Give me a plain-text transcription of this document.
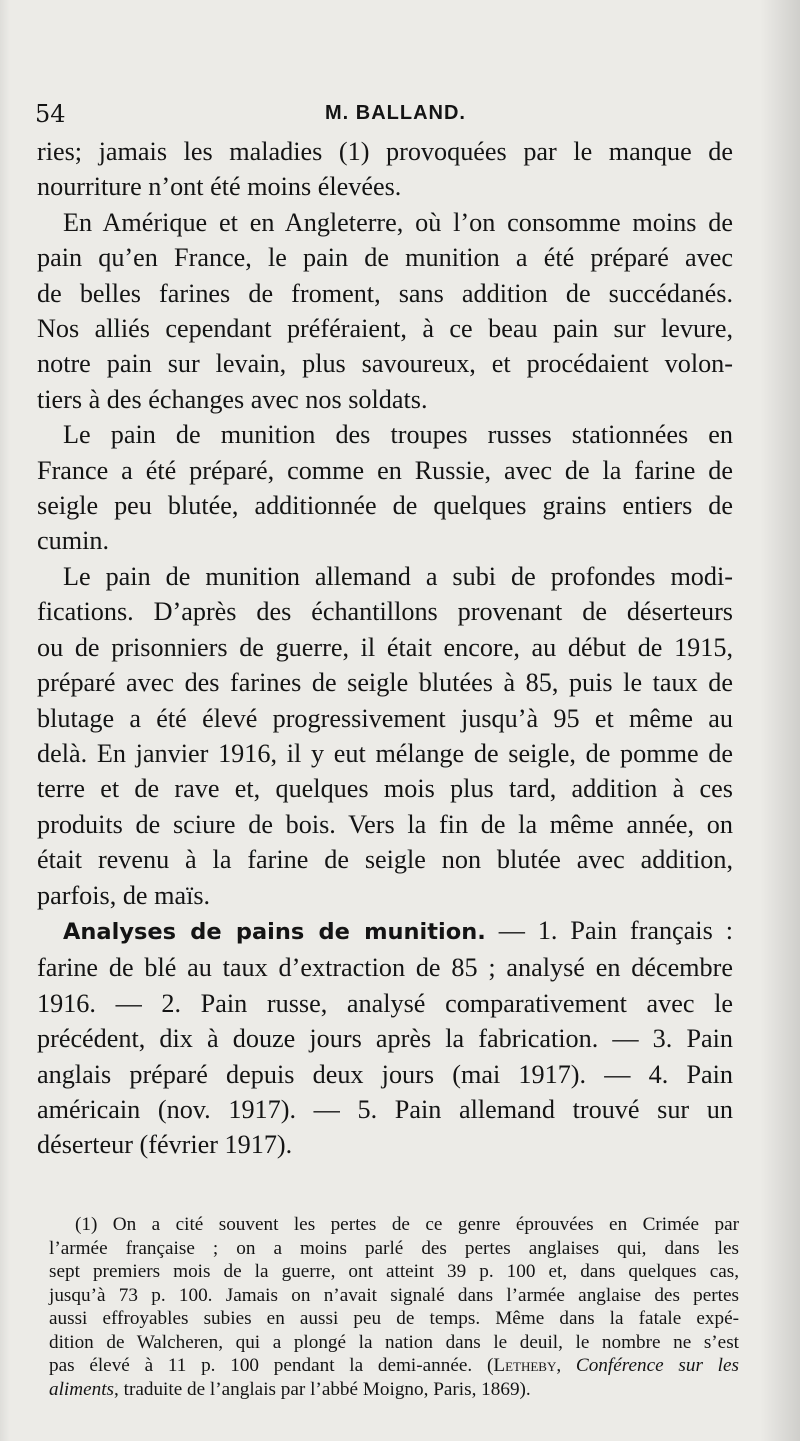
54	M. BALLAND.
ries; jamais les maladies (1) provoquées par le manque de
nourriture n’ont été moins élevées.
En Amérique et en Angleterre, où l’on consomme moins de
pain qu’en France, le pain de munition a été préparé avec
de belles farines de froment, sans addition de succédanés.
Nos alliés cependant préféraient, à ce beau pain sur levure,
notre pain sur levain, plus savoureux, et procédaient volon-
tiers à des échanges avec nos soldats.
Le pain de munition des troupes russes stationnées en
France a été préparé, comme en Russie, avec de la farine de
seigle peu blutée, additionnée de quelques grains entiers de
cumin.
Le pain de munition allemand a subi de profondes modi-
fications. D’après des échantillons provenant de déserteurs
ou de prisonniers de guerre, il était encore, au début de 1915,
préparé avec des farines de seigle blutées à 85, puis le taux de
blutage a été élevé progressivement jusqu’à 95 et même au
delà. En janvier 1916, il y eut mélange de seigle, de pomme de
terre et de rave et, quelques mois plus tard, addition à ces
produits de sciure de bois. Vers la fin de la même année, on
était revenu à la farine de seigle non blutée avec addition,
parfois, de maïs.
Analyses de pains de munition. — 1. Pain français :
farine de blé au taux d’extraction de 85 ; analysé en décembre
1916. — 2. Pain russe, analysé comparativement avec le
précédent, dix à douze jours après la fabrication. — 3. Pain
anglais préparé depuis deux jours (mai 1917). — 4. Pain
américain (nov. 1917). — 5. Pain allemand trouvé sur un
déserteur (février 1917).
(1) On a cité souvent les pertes de ce genre éprouvées en Crimée par
l’armée française ; on a moins parlé des pertes anglaises qui, dans les
sept premiers mois de la guerre, ont atteint 39 p. 100 et, dans quelques cas,
jusqu’à 73 p. 100. Jamais on n’avait signalé dans l’armée anglaise des pertes
aussi effroyables subies en aussi peu de temps. Même dans la fatale expé-
dition de Walcheren, qui a plongé la nation dans le deuil, le nombre ne s’est
pas élevé à 11 p. 100 pendant la demi-année. (Letheby, Conférence sur les
aliments, traduite de l’anglais par l’abbé Moigno, Paris, 1869).
